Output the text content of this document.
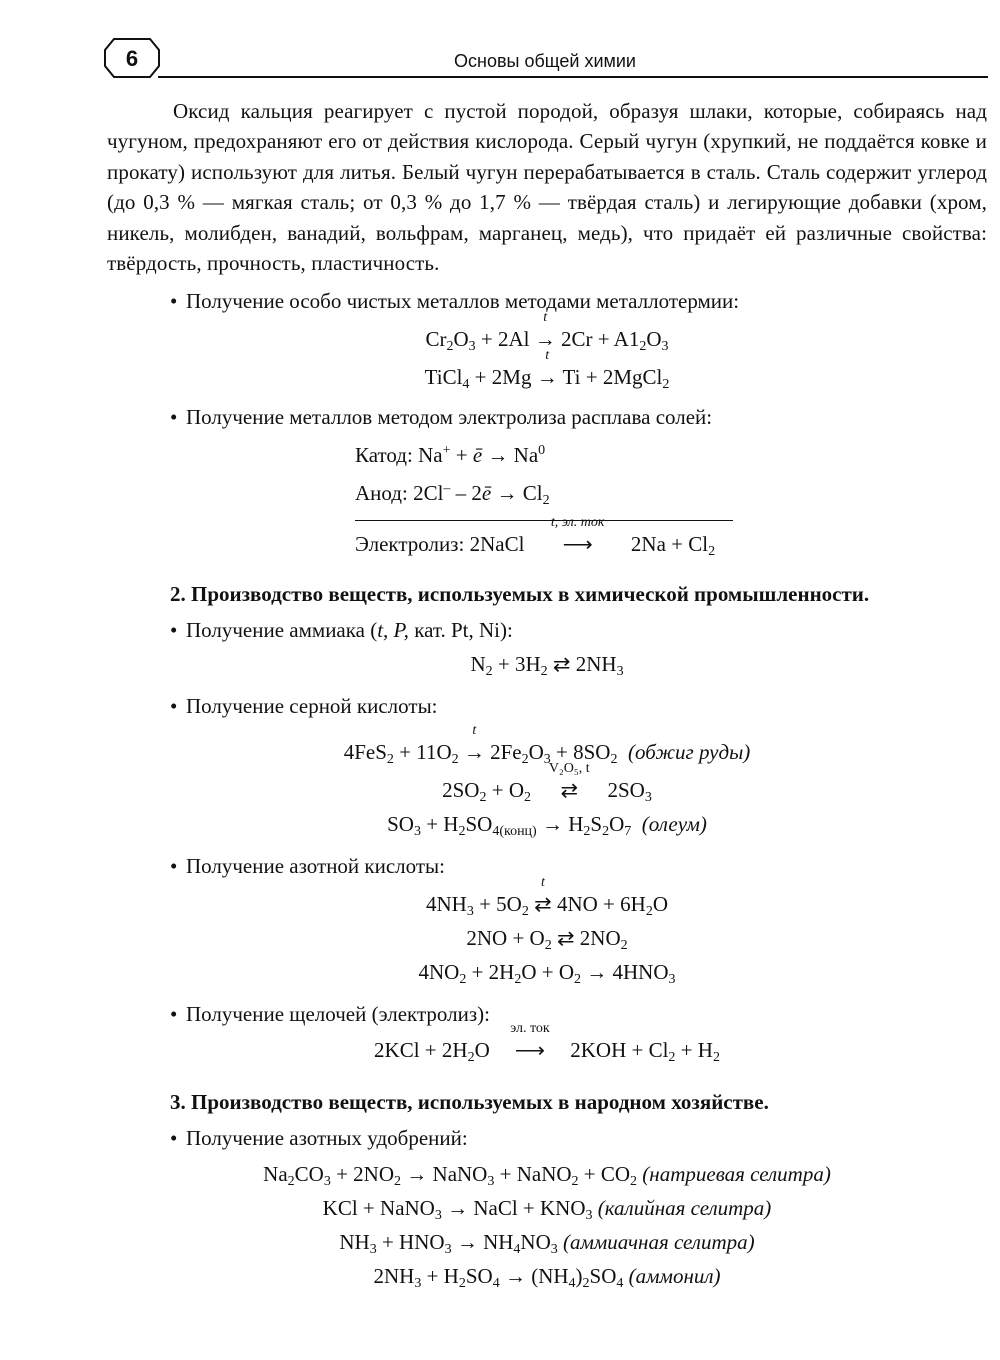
6	Основы общей химии

Оксид кальция реагирует с пустой породой, образуя шлаки, которые, собираясь над чугуном, предохраняют его от действия кислорода. Серый чугун (хрупкий, не поддаётся ковке и прокату) используют для литья. Белый чугун перерабатывается в сталь. Сталь содержит углерод (до 0,3 % — мягкая сталь; от 0,3 % до 1,7 % — твёрдая сталь) и легирующие добавки (хром, никель, молибден, ванадий, вольфрам, марганец, медь), что придаёт ей различные свойства: твёрдость, прочность, пластичность.

• Получение особо чистых металлов методами металлотермии:

$Cr_2O_3 + 2Al$
t
→ $2Cr + A1_2O_3$

TiCl$_4$ + 2Mg
t
→ Ti + 2MgCl$_2$

• Получение металлов методом электролиза расплава солей:

Катод: Na+ + ē → $Na^0$

Анод: 2Cl– – 2ē → $Cl_2$

Электролиз: 2NaCl
t, эл. ток
⟶ $2Na + Cl_2$

2. Производство веществ, используемых в химической промышленности.

• Получение аммиака (t, P, кат. Pt, Ni):

$N_2 + 3H_2$ ⇄ $2NH_3$

• Получение серной кислоты:

$4FeS_2 + 11O_2$
t
→ $2Fe_2O_3 + 8SO_2$ (обжиг руды)

$2SO_2 + O_2$
V₂O₅, t
⇄ $2SO_3$

$SO_3 + H_2SO_{4(конц)} \to H_2S_2O_7$ (олеум)

• Получение азотной кислоты:

$4NH_3 + 5O_2$
t
⇄ $4NO + 6H_2O$

$2NO + O_2$ ⇄ $2NO_2$

$4NO_2 + 2H_2O + O_2 \to 4HNO_3$

• Получение щелочей (электролиз):

$2KCl + 2H_2O$
эл. ток
⟶ $2KOH + Cl_2 + H_2$

3. Производство веществ, используемых в народном хозяйстве.

• Получение азотных удобрений:

$Na_2CO_3 + 2NO_2$ → NaNO$_3$ + NaNO$_2$ + $CO_2$ (натриевая селитра)

KCl + NaNO$_3$ → NaCl + $KNO_3$ (калийная селитра)

$NH_3 + HNO_3 \to NH_4NO_3$ (аммиачная селитра)

$2NH_3 + H_2SO_4 \to (NH_4)_2SO_4$ (аммонил)
